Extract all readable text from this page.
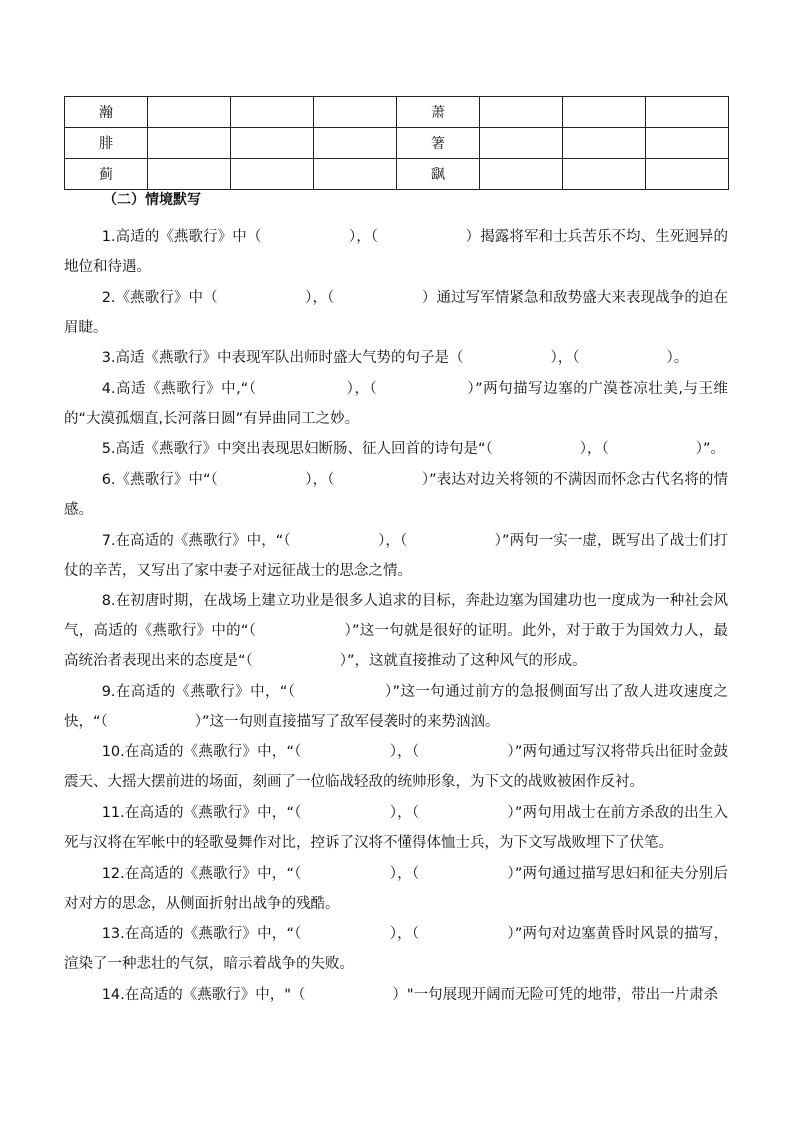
瀚				萧			
腓				箸			
蓟				飖			
（二）情境默写

1.高适的《燕歌行》中（　　　　　　），（　　　　　　）揭露将军和士兵苦乐不均、生死迥异的地位和待遇。

2.《燕歌行》中（　　　　　　），（　　　　　　）通过写军情紧急和敌势盛大来表现战争的迫在眉睫。

3.高适《燕歌行》中表现军队出师时盛大气势的句子是（　　　　　　），（　　　　　　）。

4.高适《燕歌行》中,“（　　　　　　），（　　　　　　）”两句描写边塞的广漠苍凉壮美,与王维的“大漠孤烟直,长河落日圆”有异曲同工之妙。

5.高适《燕歌行》中突出表现思妇断肠、征人回首的诗句是“（　　　　　　），（　　　　　　）”。

6.《燕歌行》中“（　　　　　　），（　　　　　　）”表达对边关将领的不满因而怀念古代名将的情感。

7.在高适的《燕歌行》中，“（　　　　　　），（　　　　　　）”两句一实一虚，既写出了战士们打仗的辛苦，又写出了家中妻子对远征战士的思念之情。

8.在初唐时期，在战场上建立功业是很多人追求的目标，奔赴边塞为国建功也一度成为一种社会风气，高适的《燕歌行》中的“（　　　　　　）”这一句就是很好的证明。此外，对于敢于为国效力人，最高统治者表现出来的态度是“（　　　　　　）”，这就直接推动了这种风气的形成。

9.在高适的《燕歌行》中，“（　　　　　　）”这一句通过前方的急报侧面写出了敌人进攻速度之快，“（　　　　　　）”这一句则直接描写了敌军侵袭时的来势汹汹。

10.在高适的《燕歌行》中，“（　　　　　　），（　　　　　　）”两句通过写汉将带兵出征时金鼓震天、大摇大摆前进的场面，刻画了一位临战轻敌的统帅形象，为下文的战败被困作反衬。

11.在高适的《燕歌行》中，“（　　　　　　），（　　　　　　）”两句用战士在前方杀敌的出生入死与汉将在军帐中的轻歌曼舞作对比，控诉了汉将不懂得体恤士兵，为下文写战败埋下了伏笔。

12.在高适的《燕歌行》中，“（　　　　　　），（　　　　　　）”两句通过描写思妇和征夫分别后对对方的思念，从侧面折射出战争的残酷。

13.在高适的《燕歌行》中，“（　　　　　　），（　　　　　　）”两句对边塞黄昏时风景的描写，渲染了一种悲壮的气氛，暗示着战争的失败。

14.在高适的《燕歌行》中，"（　　　　　　）"一句展现开阔而无险可凭的地带，带出一片肃杀
